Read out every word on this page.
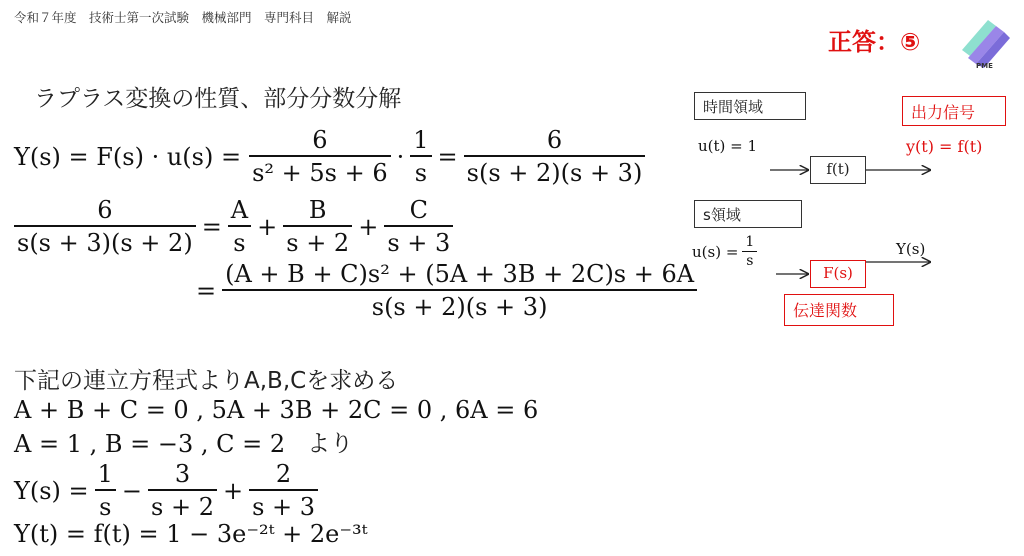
令和７年度　技術士第一次試験　機械部門　専門科目　解説
正答：⑤
PME
ラプラス変換の性質、部分分数分解
$Y(s) = F(s) \cdot u(s) = \frac{6}{\text{s² + 5s + 6}} \cdot \frac{1}{s} = \frac{6}{s(s + 2)(s + 3)}$
$\frac{6}{s(s + 3)(s + 2)} = \frac{A}{s} + \frac{B}{s + 2} + \frac{C}{s + 3}$
= $\frac{\text{(A + B + C)s² + (5A + 3B + 2C)s + 6A}}{s(s + 2)(s + 3)}$
下記の連立方程式よりA,B,Cを求める
A + B + C = 0 , 5A + 3B + 2C = 0 , 6A = 6
A = 1 , B = −3 , C = 2 より
$Y(s) = \frac{1}{s} - \frac{3}{s + 2} + \frac{2}{s + 3}$
Y(t) = f(t) = 1 − 3e⁻²ᵗ + 2e⁻³ᵗ
時間領域	出力信号
u(t) = 1	y(t) = f(t)
f(t)
s領域
$u(s) = \frac{1}{s}$	Y(s)
F(s)
伝達関数
